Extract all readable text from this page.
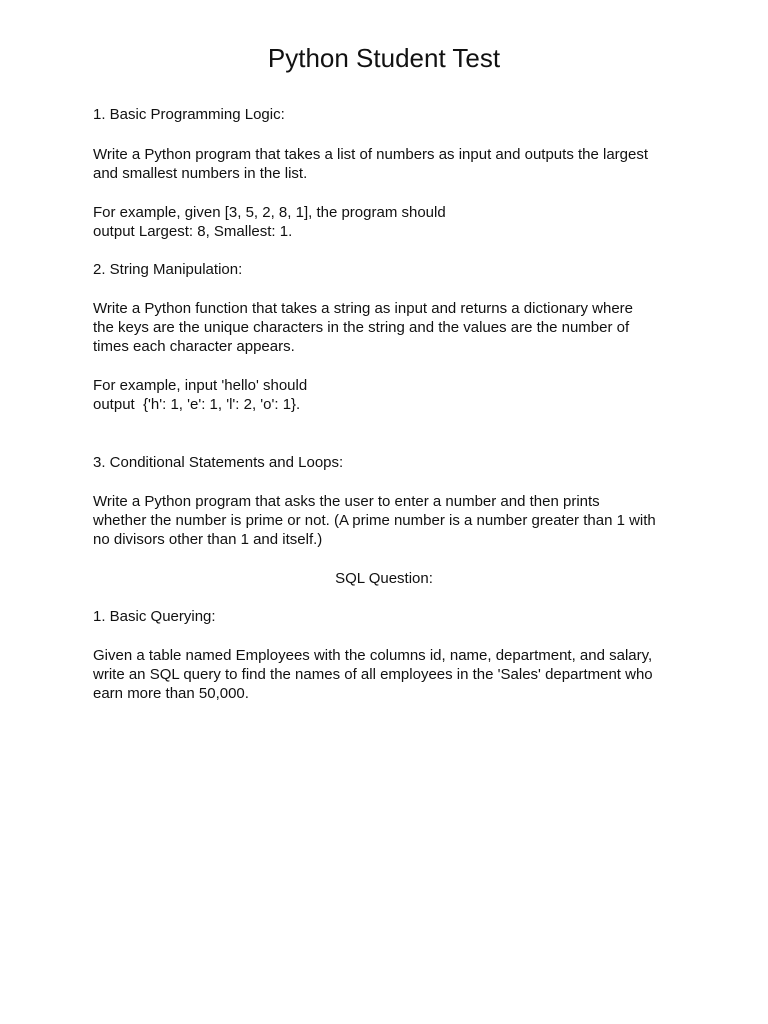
Python Student Test

1. Basic Programming Logic:

Write a Python program that takes a list of numbers as input and outputs the largest

and smallest numbers in the list.

For example, given [3, 5, 2, 8, 1], the program should

output Largest: 8, Smallest: 1.

2. String Manipulation:

Write a Python function that takes a string as input and returns a dictionary where

the keys are the unique characters in the string and the values are the number of

times each character appears.

For example, input 'hello' should

output  {'h': 1, 'e': 1, 'l': 2, 'o': 1}.

3. Conditional Statements and Loops:

Write a Python program that asks the user to enter a number and then prints

whether the number is prime or not. (A prime number is a number greater than 1 with

no divisors other than 1 and itself.)

SQL Question:

1. Basic Querying:

Given a table named Employees with the columns id, name, department, and salary,

write an SQL query to find the names of all employees in the 'Sales' department who

earn more than 50,000.
